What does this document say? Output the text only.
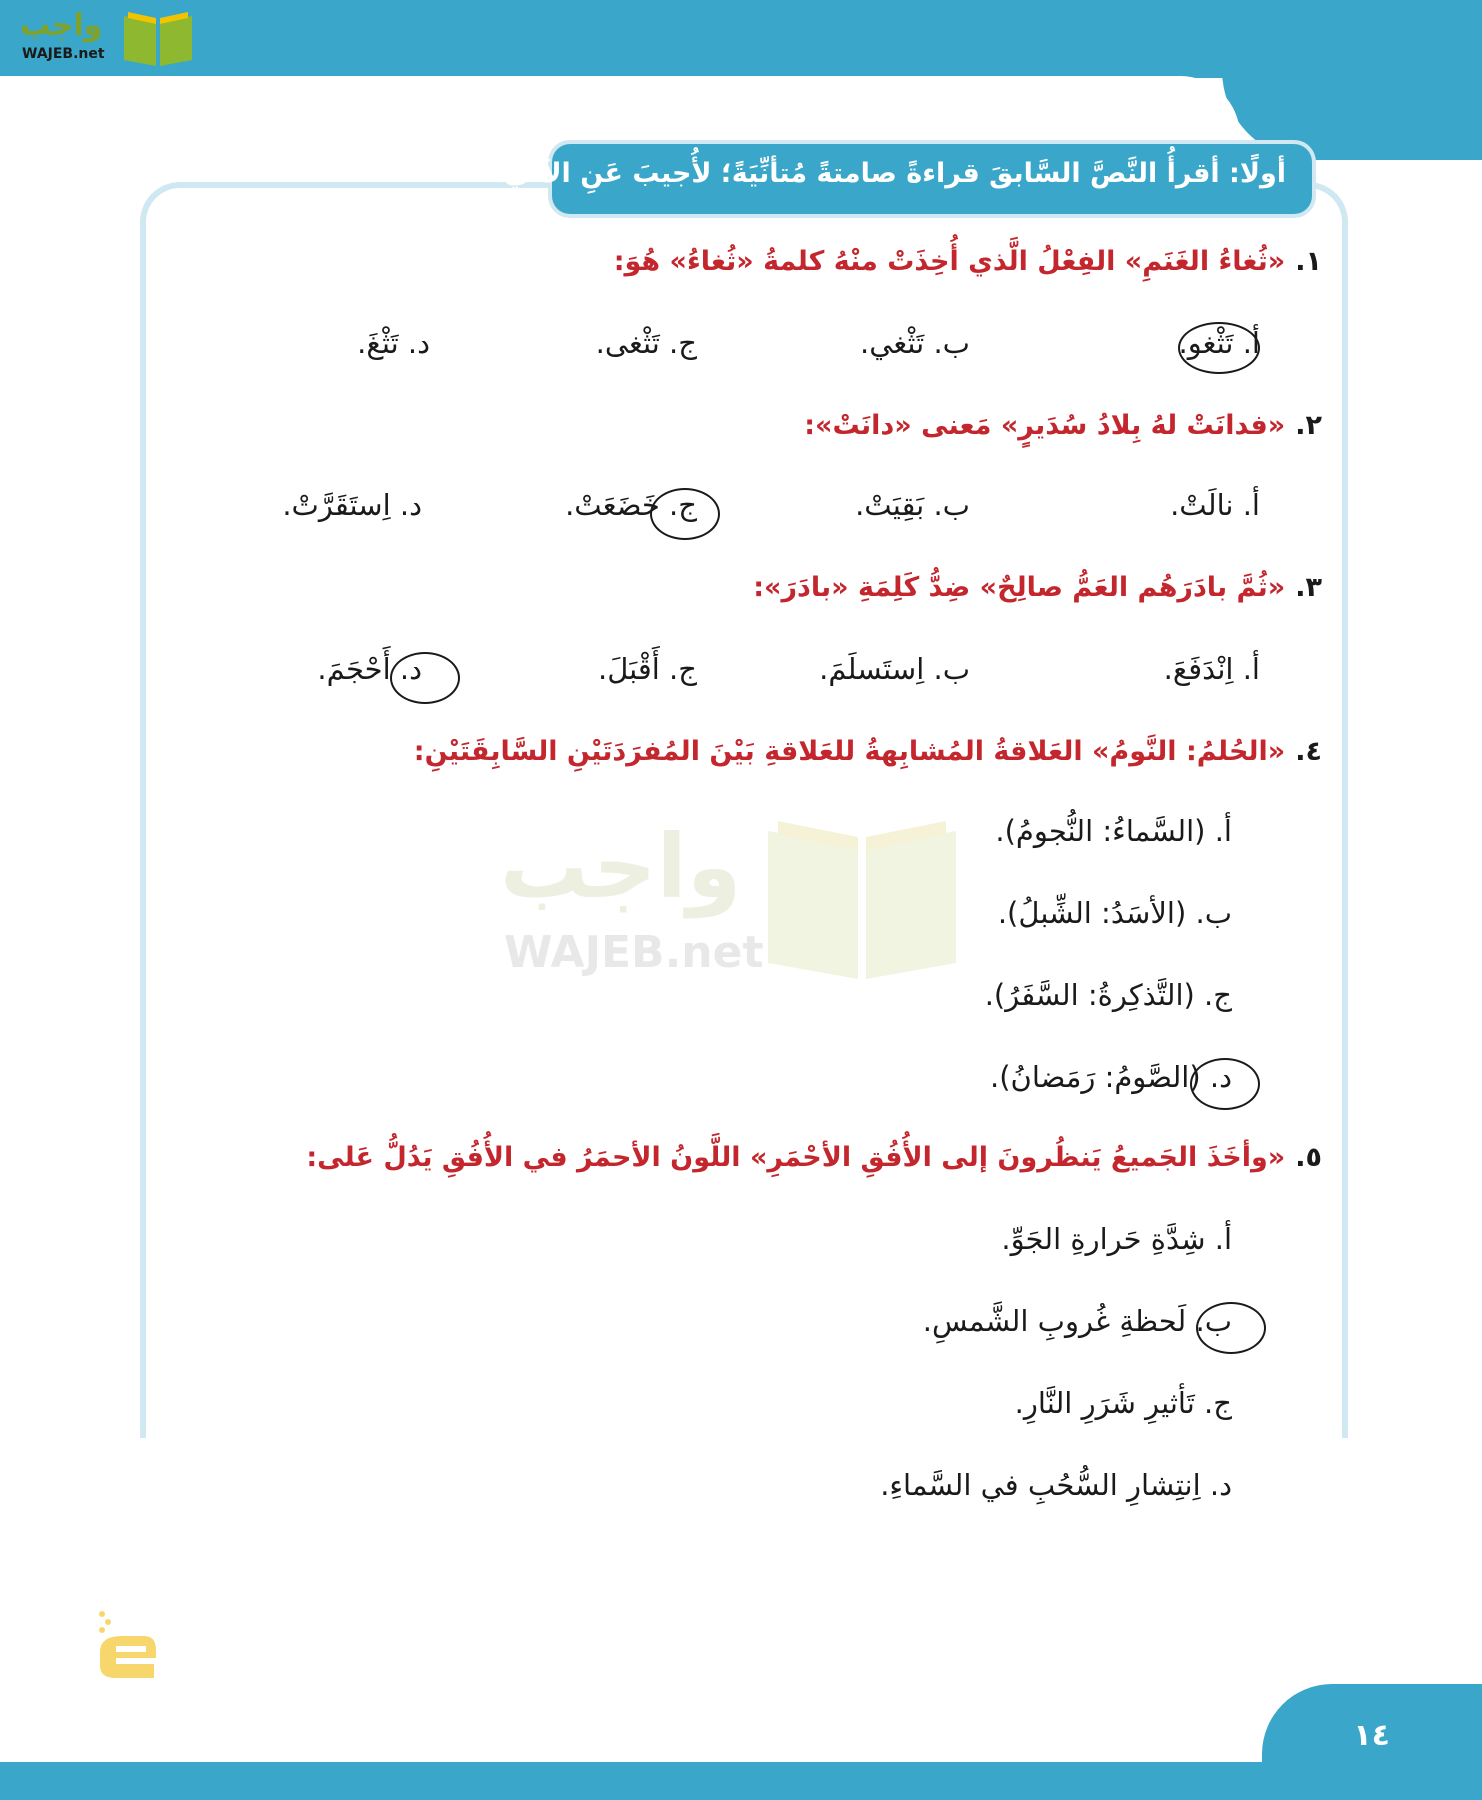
واجب
WAJEB.net
أولًا: أقرأُ النَّصَّ السَّابقَ قراءةً صامتةً مُتأنِّيَةً؛ لأُجيبَ عَنِ الآتي:
١.«ثُغاءُ الغَنَمِ» الفِعْلُ الَّذي أُخِذَتْ منْهُ كلمةُ «ثُغاءُ» هُوَ:
أ. تَثْغو.
ب. تَثْغي.
ج. تَثْغى.
د. تَثْغَ.
٢.«فدانَتْ لهُ بِلادُ سُدَيرٍ» مَعنى «دانَتْ»:
أ. نالَتْ.
ب. بَقِيَتْ.
ج. خَضَعَتْ.
د. اِستَقَرَّتْ.
٣.«ثُمَّ بادَرَهُم العَمُّ صالِحٌ» ضِدُّ كَلِمَةِ «بادَرَ»:
أ. اِنْدَفَعَ.
ب. اِستَسلَمَ.
ج. أَقْبَلَ.
د. أَحْجَمَ.
٤.«الحُلمُ: النَّومُ» العَلاقةُ المُشابِهةُ للعَلاقةِ بَيْنَ المُفرَدَتَيْنِ السَّابِقَتَيْنِ:
أ. (السَّماءُ: النُّجومُ).
ب. (الأسَدُ: الشِّبلُ).
ج. (التَّذكِرةُ: السَّفَرُ).
د. (الصَّومُ: رَمَضانُ).
واجب
WAJEB.net
٥.«وأخَذَ الجَميعُ يَنظُرونَ إلى الأُفُقِ الأحْمَرِ» اللَّونُ الأحمَرُ في الأُفُقِ يَدُلُّ عَلى:
أ. شِدَّةِ حَرارةِ الجَوِّ.
ب. لَحظةِ غُروبِ الشَّمسِ.
ج. تَأثيرِ شَرَرِ النَّارِ.
د. اِنتِشارِ السُّحُبِ في السَّماءِ.
١٤
